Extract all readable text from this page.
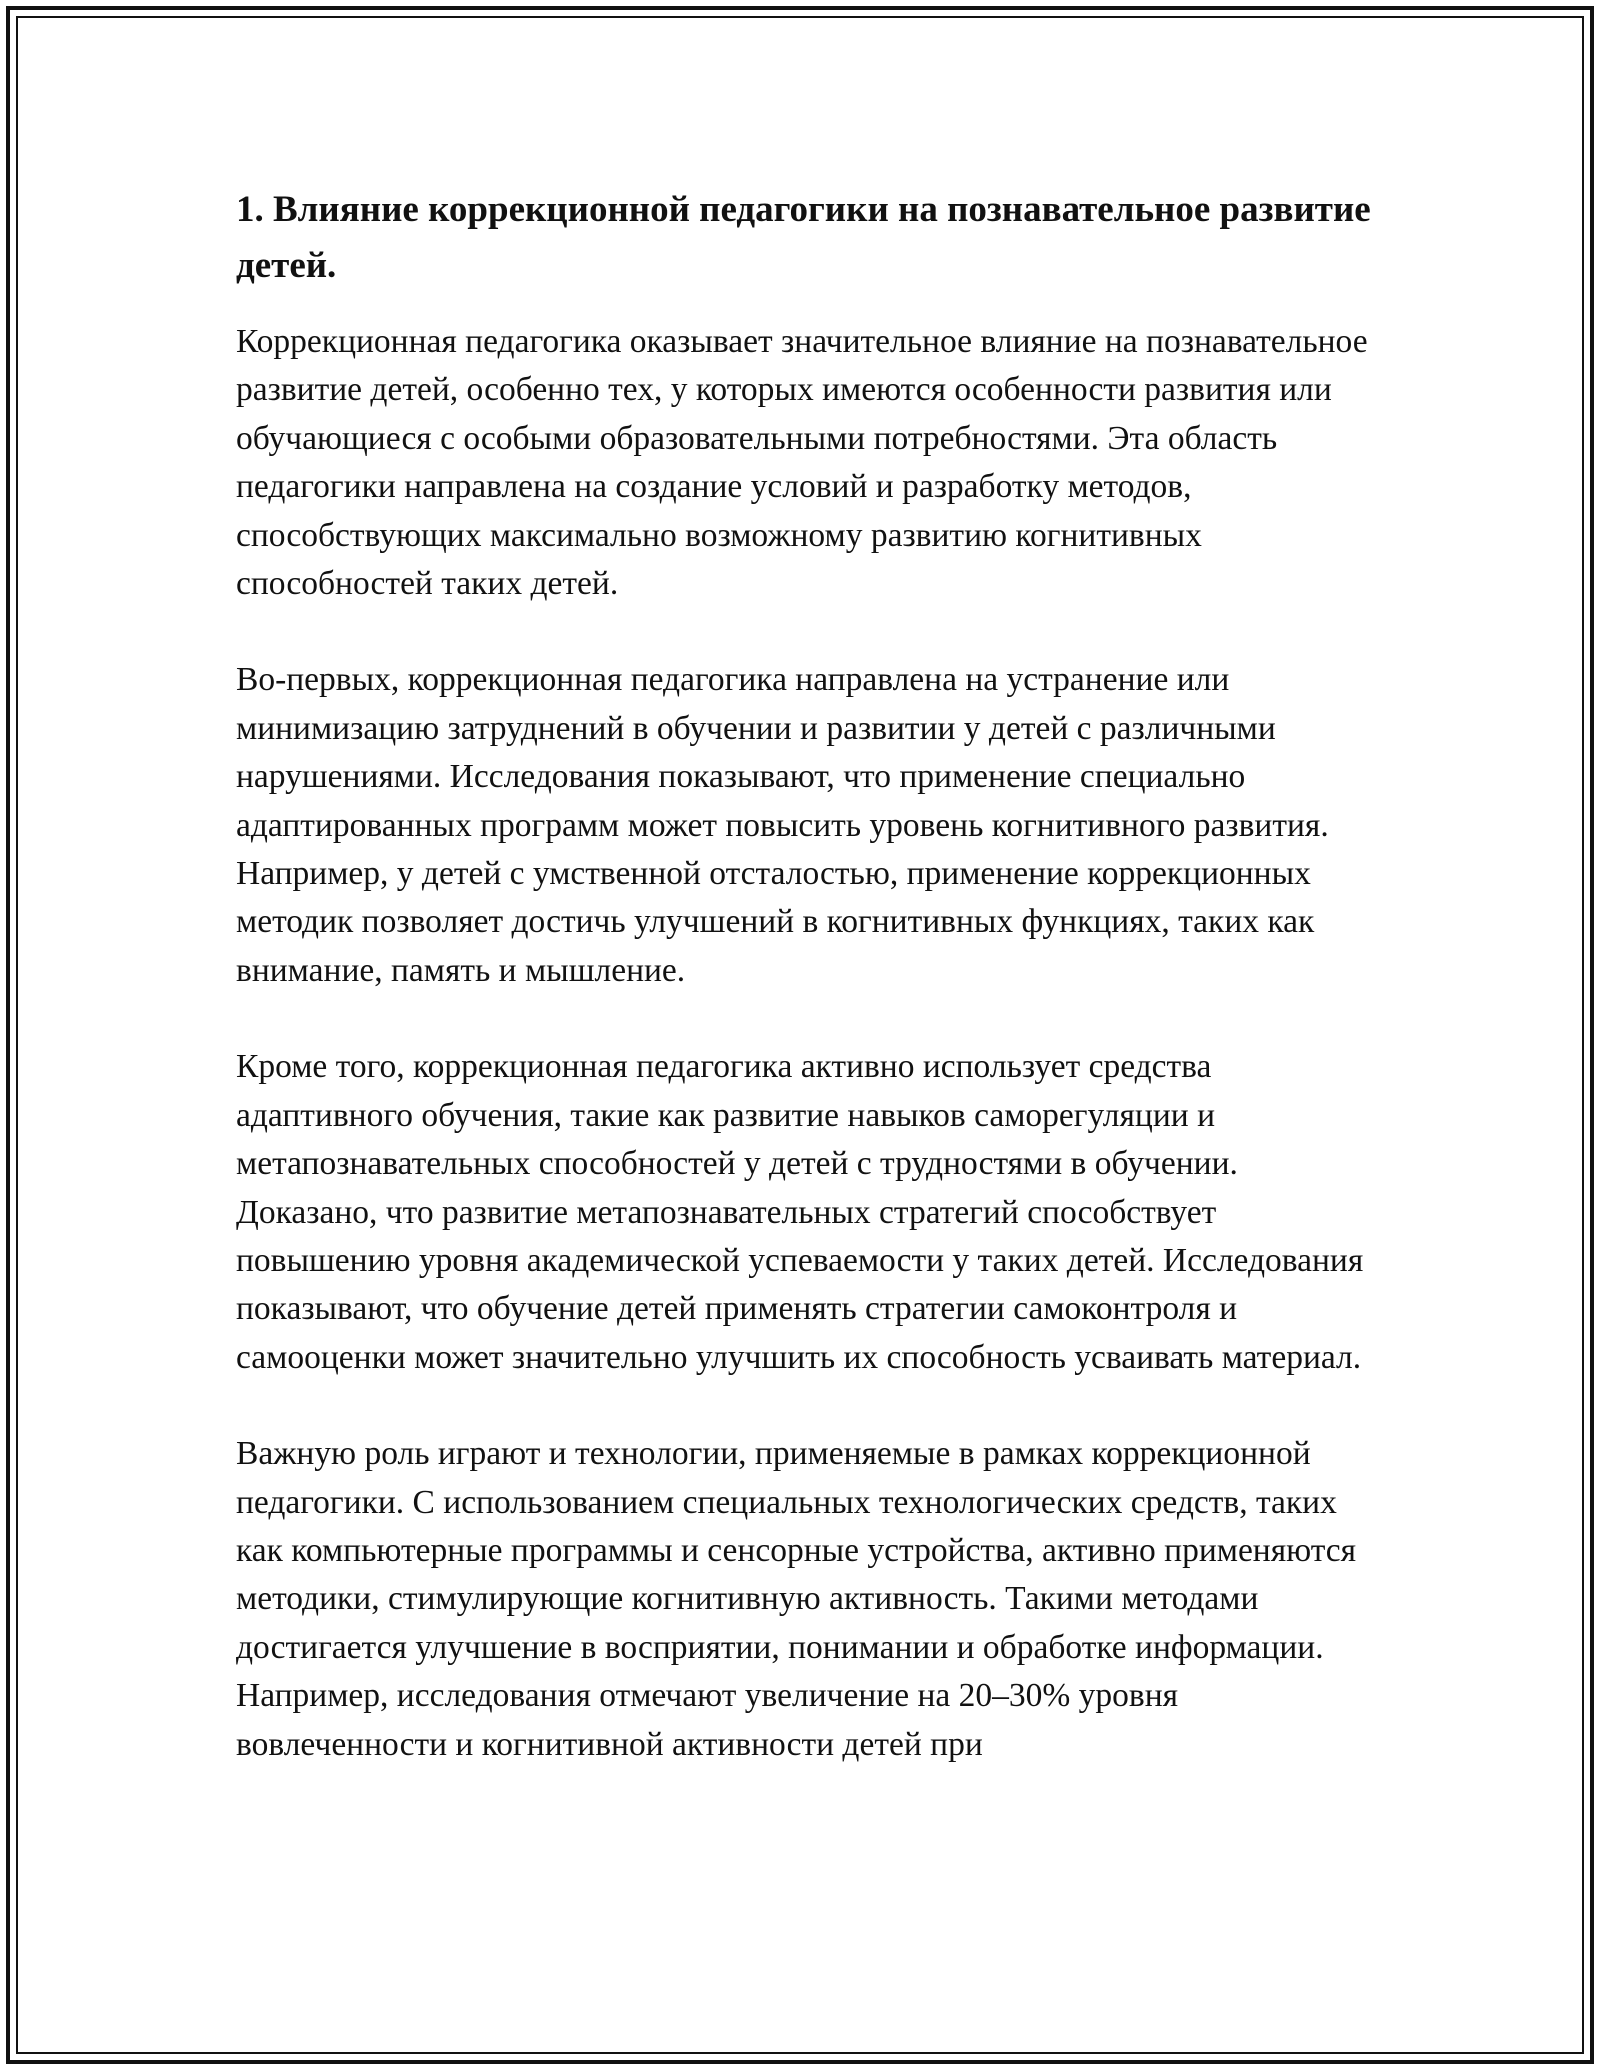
1. Влияние коррекционной педагогики на познавательное развитие детей.

Коррекционная педагогика оказывает значительное влияние на познавательное развитие детей, особенно тех, у которых имеются особенности развития или обучающиеся с особыми образовательными потребностями. Эта область педагогики направлена на создание условий и разработку методов, способствующих максимально возможному развитию когнитивных способностей таких детей.

Во-первых, коррекционная педагогика направлена на устранение или минимизацию затруднений в обучении и развитии у детей с различными нарушениями. Исследования показывают, что применение специально адаптированных программ может повысить уровень когнитивного развития. Например, у детей с умственной отсталостью, применение коррекционных методик позволяет достичь улучшений в когнитивных функциях, таких как внимание, память и мышление.

Кроме того, коррекционная педагогика активно использует средства адаптивного обучения, такие как развитие навыков саморегуляции и метапознавательных способностей у детей с трудностями в обучении. Доказано, что развитие метапознавательных стратегий способствует повышению уровня академической успеваемости у таких детей. Исследования показывают, что обучение детей применять стратегии самоконтроля и самооценки может значительно улучшить их способность усваивать материал.

Важную роль играют и технологии, применяемые в рамках коррекционной педагогики. С использованием специальных технологических средств, таких как компьютерные программы и сенсорные устройства, активно применяются методики, стимулирующие когнитивную активность. Такими методами достигается улучшение в восприятии, понимании и обработке информации. Например, исследования отмечают увеличение на 20–30% уровня вовлеченности и когнитивной активности детей при
